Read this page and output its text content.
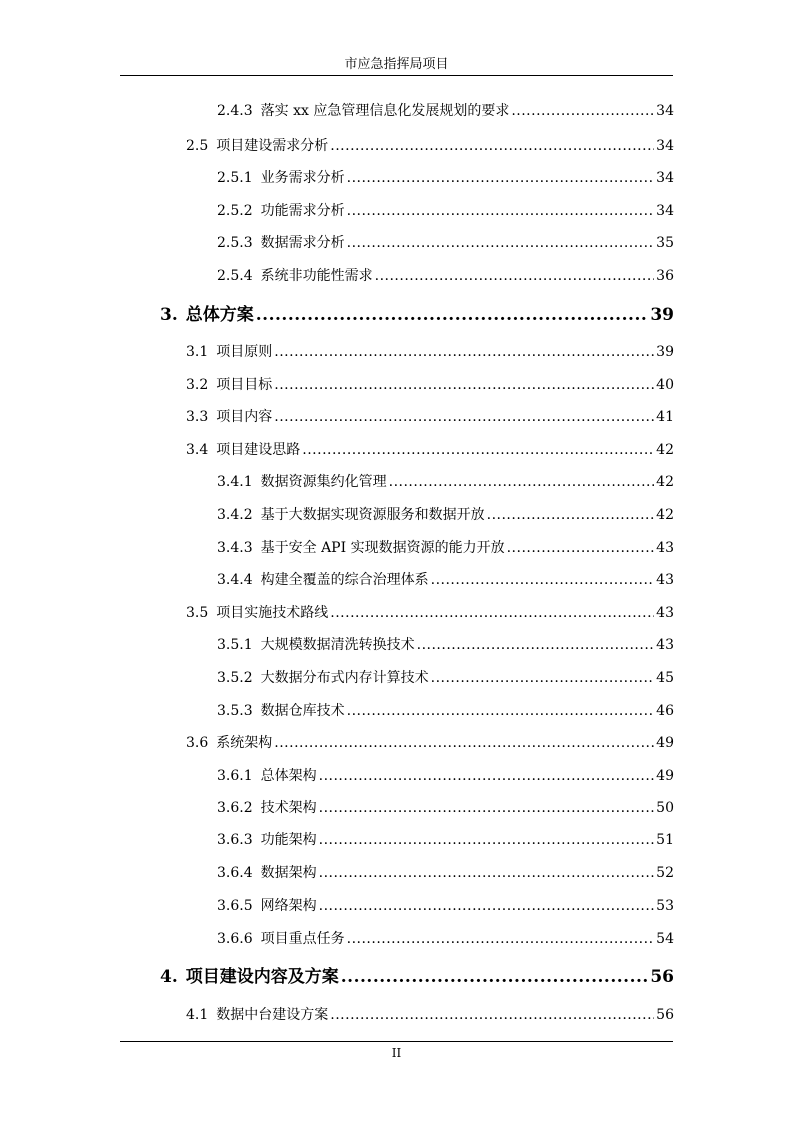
市应急指挥局项目
2.4.3 落实 xx 应急管理信息化发展规划的要求 .....	34
2.5 项目建设需求分析 .....	34
2.5.1 业务需求分析 .....	34
2.5.2 功能需求分析 .....	34
2.5.3 数据需求分析 .....	35
2.5.4 系统非功能性需求 .....	36
3. 总体方案 .....	39
3.1 项目原则 .....	39
3.2 项目目标 .....	40
3.3 项目内容 .....	41
3.4 项目建设思路 .....	42
3.4.1 数据资源集约化管理 .....	42
3.4.2 基于大数据实现资源服务和数据开放 .....	42
3.4.3 基于安全 API 实现数据资源的能力开放 .....	43
3.4.4 构建全覆盖的综合治理体系 .....	43
3.5 项目实施技术路线 .....	43
3.5.1 大规模数据清洗转换技术 .....	43
3.5.2 大数据分布式内存计算技术 .....	45
3.5.3 数据仓库技术 .....	46
3.6 系统架构 .....	49
3.6.1 总体架构 .....	49
3.6.2 技术架构 .....	50
3.6.3 功能架构 .....	51
3.6.4 数据架构 .....	52
3.6.5 网络架构 .....	53
3.6.6 项目重点任务 .....	54
4. 项目建设内容及方案 .....	56
4.1 数据中台建设方案 .....	56
II
